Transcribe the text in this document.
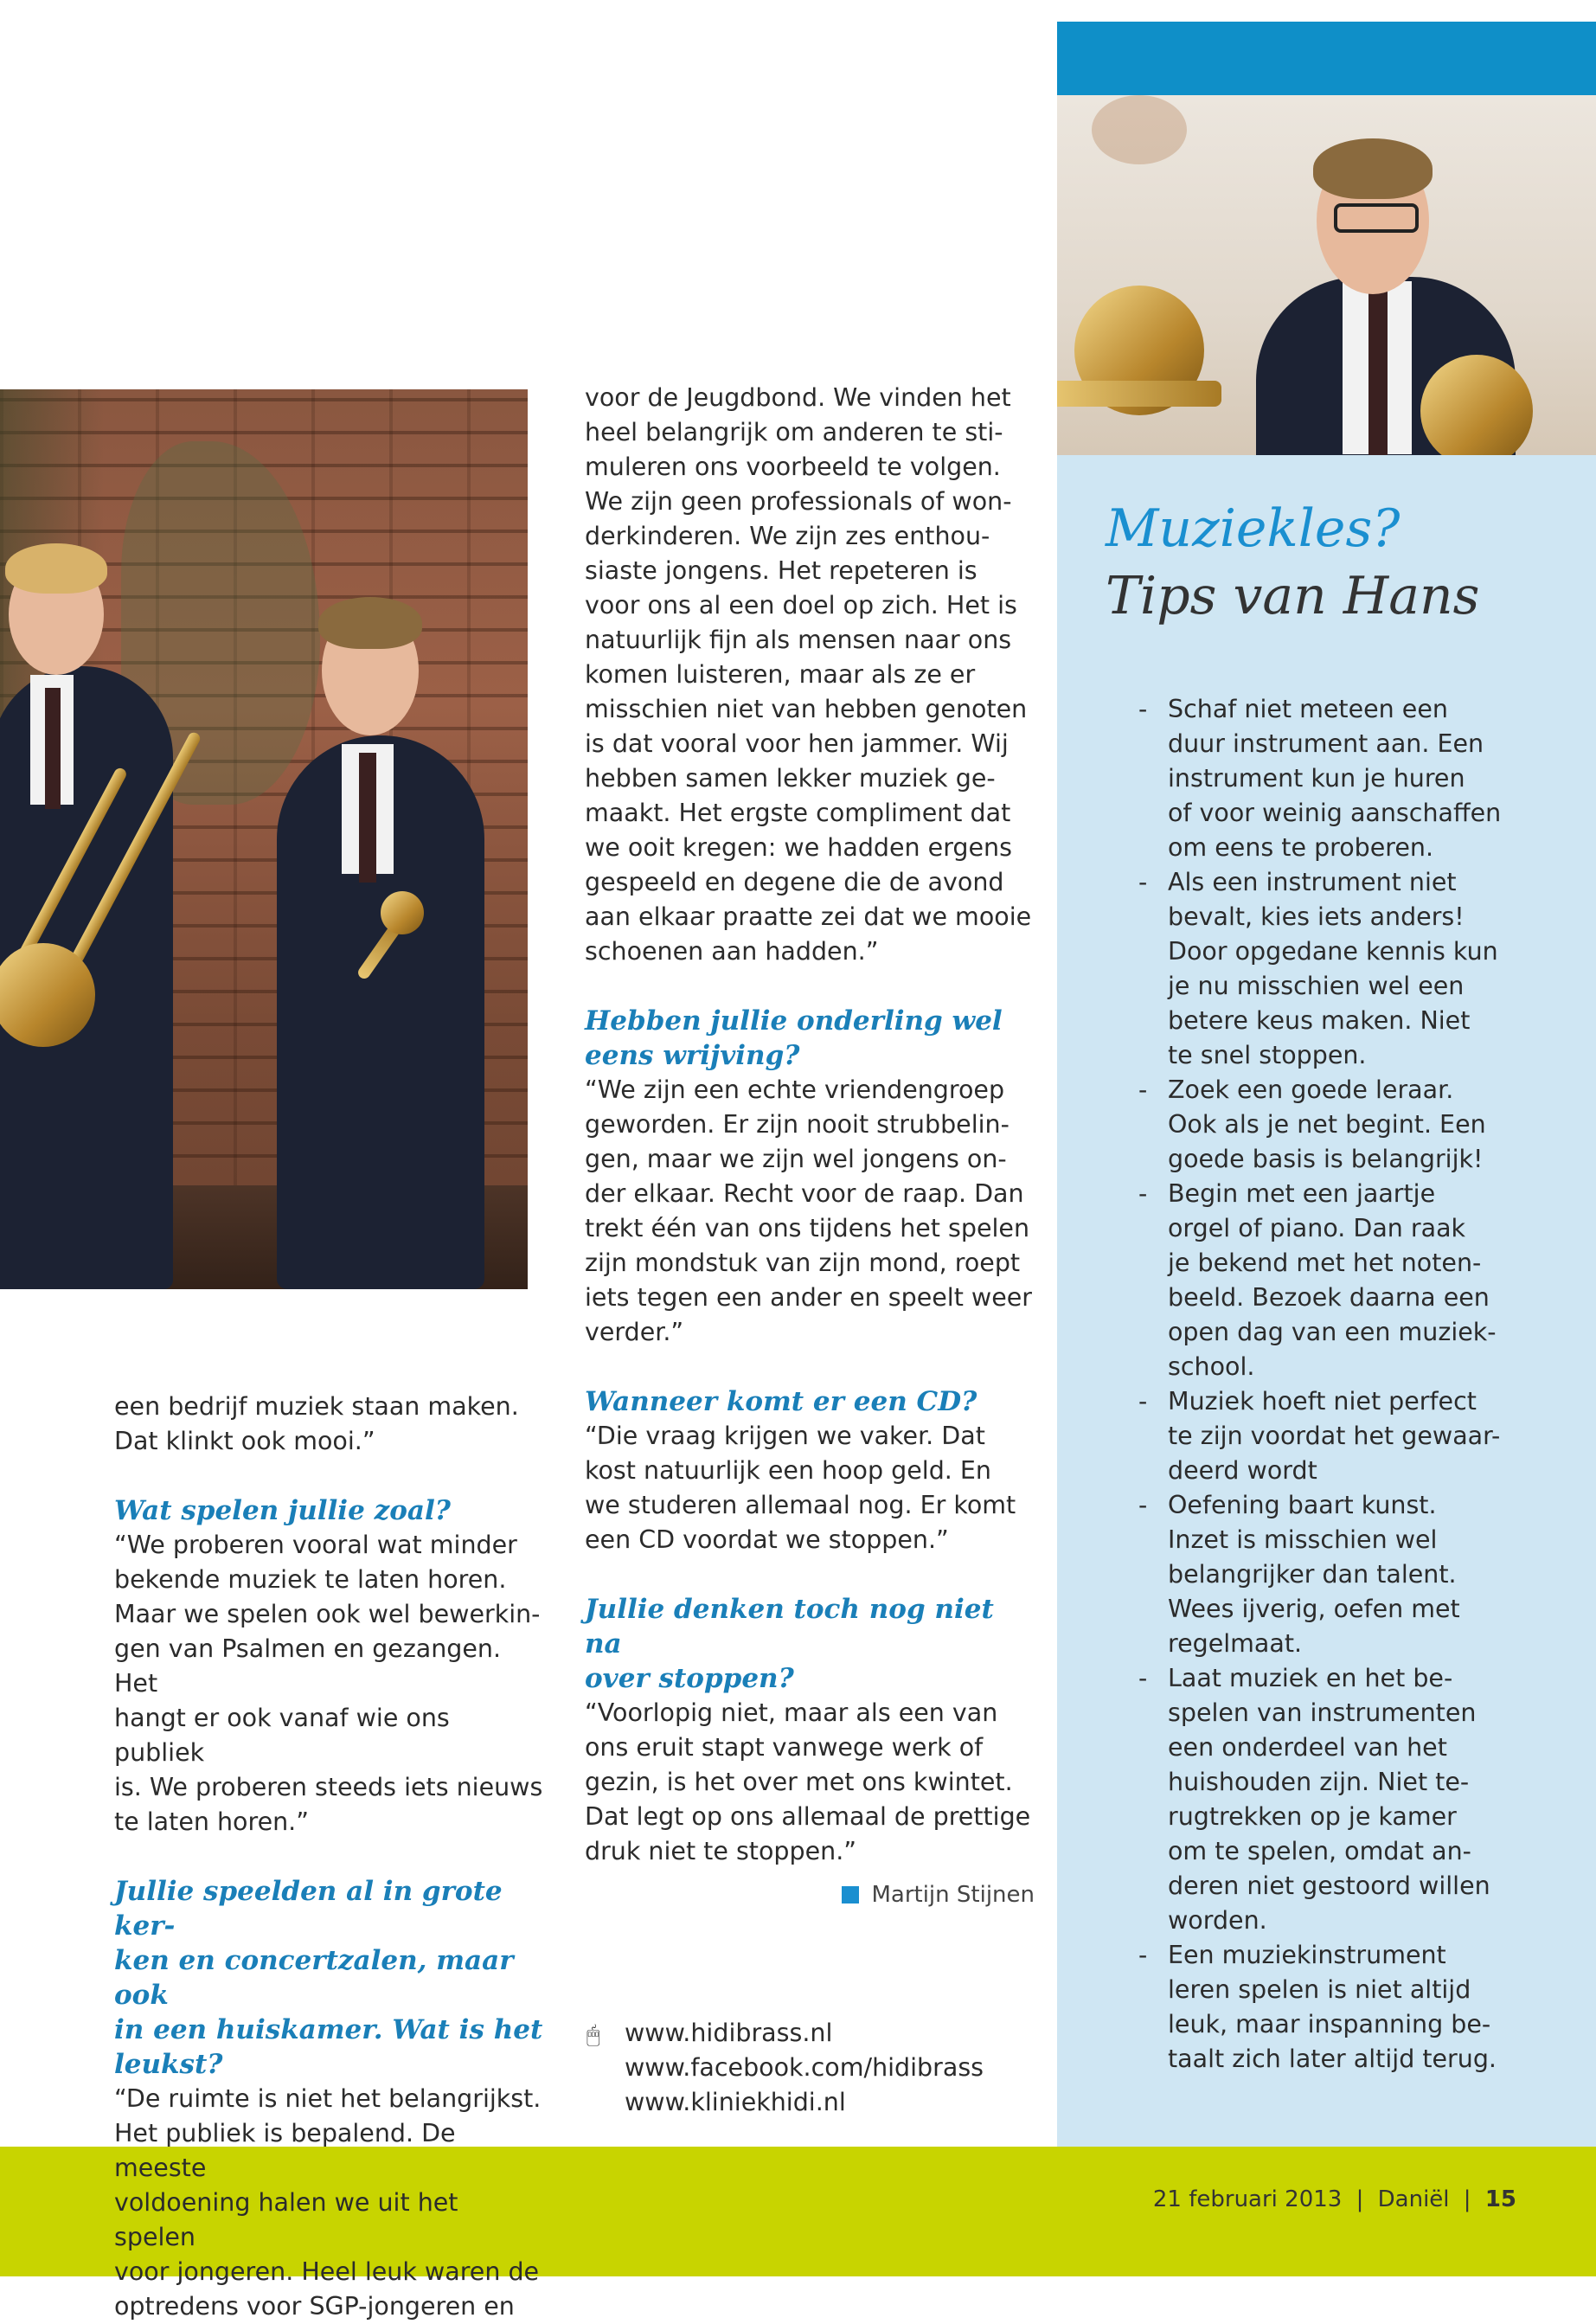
Muziekles?
Tips van Hans
- Schaf niet meteen een
duur instrument aan. Een
instrument kun je huren
of voor weinig aanschaffen
om eens te proberen.
- Als een instrument niet
bevalt, kies iets anders!
Door opgedane kennis kun
je nu misschien wel een
betere keus maken. Niet
te snel stoppen.
- Zoek een goede leraar.
Ook als je net begint. Een
goede basis is belangrijk!
- Begin met een jaartje
orgel of piano. Dan raak
je bekend met het noten-
beeld. Bezoek daarna een
open dag van een muziek-
school.
- Muziek hoeft niet perfect
te zijn voordat het gewaar-
deerd wordt
- Oefening baart kunst.
Inzet is misschien wel
belangrijker dan talent.
Wees ijverig, oefen met
regelmaat.
- Laat muziek en het be-
spelen van instrumenten
een onderdeel van het
huishouden zijn. Niet te-
rugtrekken op je kamer
om te spelen, omdat an-
deren niet gestoord willen
worden.
- Een muziekinstrument
leren spelen is niet altijd
leuk, maar inspanning be-
taalt zich later altijd terug.
21 februari 2013 | Daniël | 15
een bedrijf muziek staan maken.
Dat klinkt ook mooi.”

Wat spelen jullie zoal?

“We proberen vooral wat minder
bekende muziek te laten horen.
Maar we spelen ook wel bewerkin-
gen van Psalmen en gezangen. Het
hangt er ook vanaf wie ons publiek
is. We proberen steeds iets nieuws
te laten horen.”
Jullie speelden al in grote ker-
ken en concertzalen, maar ook
in een huiskamer. Wat is het
leukst?
“De ruimte is niet het belangrijkst.
Het publiek is bepalend. De meeste
voldoening halen we uit het spelen
voor jongeren. Heel leuk waren de
optredens voor SGP-jongeren en
voor de Jeugdbond. We vinden het
heel belangrijk om anderen te sti-
muleren ons voorbeeld te volgen.
We zijn geen professionals of won-
derkinderen. We zijn zes enthou-
siaste jongens. Het repeteren is
voor ons al een doel op zich. Het is
natuurlijk fijn als mensen naar ons
komen luisteren, maar als ze er
misschien niet van hebben genoten
is dat vooral voor hen jammer. Wij
hebben samen lekker muziek ge-
maakt. Het ergste compliment dat
we ooit kregen: we hadden ergens
gespeeld en degene die de avond
aan elkaar praatte zei dat we mooie
schoenen aan hadden.”
Hebben jullie onderling wel
eens wrijving?
“We zijn een echte vriendengroep
geworden. Er zijn nooit strubbelin-
gen, maar we zijn wel jongens on-
der elkaar. Recht voor de raap. Dan
trekt één van ons tijdens het spelen
zijn mondstuk van zijn mond, roept
iets tegen een ander en speelt weer
verder.”

Wanneer komt er een CD?

“Die vraag krijgen we vaker. Dat
kost natuurlijk een hoop geld. En
we studeren allemaal nog. Er komt
een CD voordat we stoppen.”
Jullie denken toch nog niet na
over stoppen?
“Voorlopig niet, maar als een van
ons eruit stapt vanwege werk of
gezin, is het over met ons kwintet.
Dat legt op ons allemaal de prettige
druk niet te stoppen.”
Martijn Stijnen
🖱 www.hidibrass.nl
www.facebook.com/hidibrass
www.kliniekhidi.nl
